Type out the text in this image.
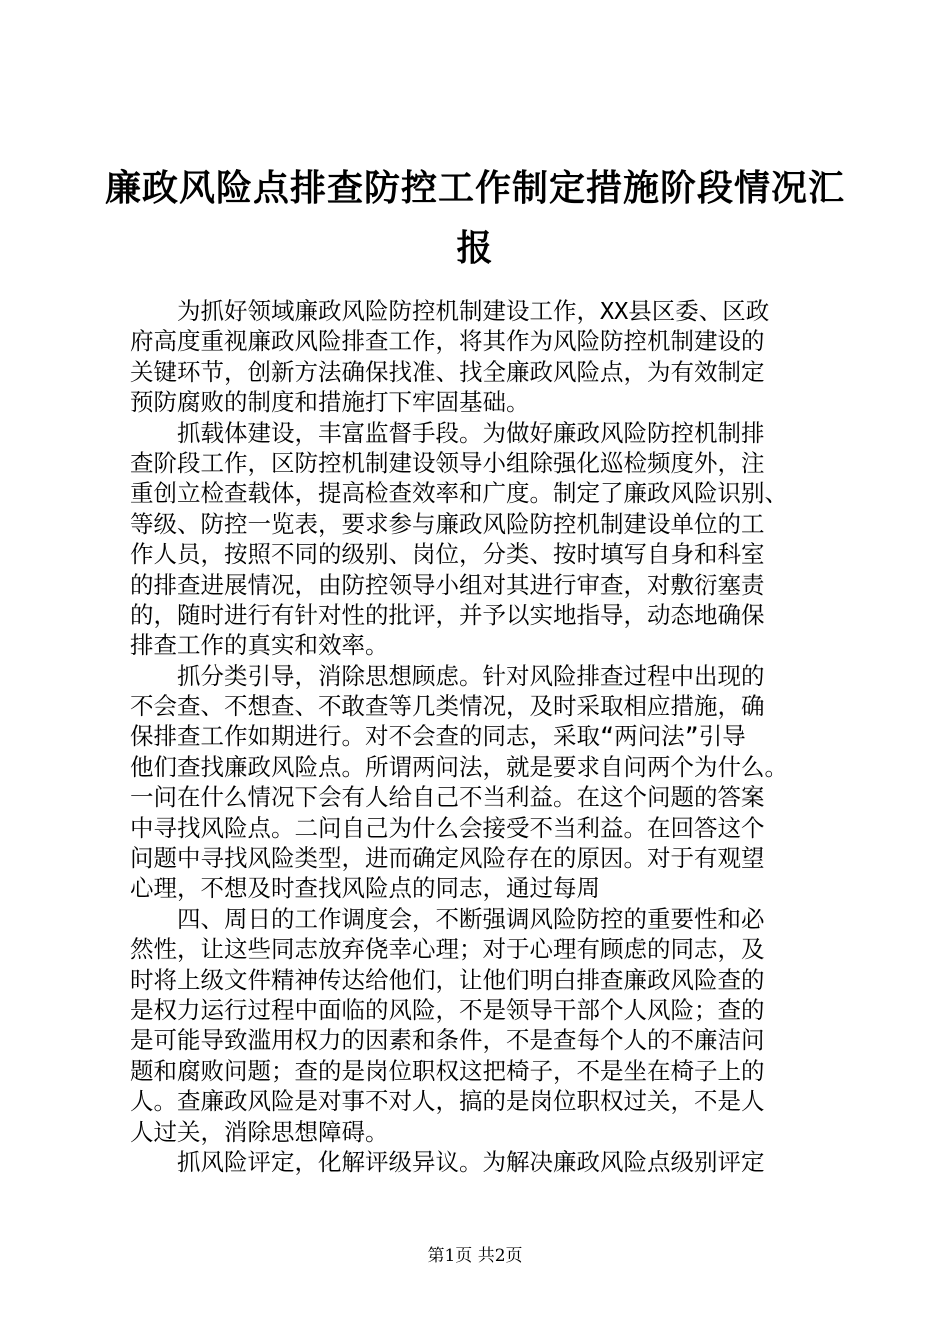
廉政风险点排查防控工作制定措施阶段情况汇
报
为抓好领域廉政风险防控机制建设工作，XX县区委、区政
府高度重视廉政风险排查工作，将其作为风险防控机制建设的
关键环节，创新方法确保找准、找全廉政风险点，为有效制定
预防腐败的制度和措施打下牢固基础。
抓载体建设，丰富监督手段。为做好廉政风险防控机制排
查阶段工作，区防控机制建设领导小组除强化巡检频度外，注
重创立检查载体，提高检查效率和广度。制定了廉政风险识别、
等级、防控一览表，要求参与廉政风险防控机制建设单位的工
作人员，按照不同的级别、岗位，分类、按时填写自身和科室
的排查进展情况，由防控领导小组对其进行审查，对敷衍塞责
的，随时进行有针对性的批评，并予以实地指导，动态地确保
排查工作的真实和效率。
抓分类引导，消除思想顾虑。针对风险排查过程中出现的
不会查、不想查、不敢查等几类情况，及时采取相应措施，确
保排查工作如期进行。对不会查的同志，采取“两问法”引导
他们查找廉政风险点。所谓两问法，就是要求自问两个为什么。
一问在什么情况下会有人给自己不当利益。在这个问题的答案
中寻找风险点。二问自己为什么会接受不当利益。在回答这个
问题中寻找风险类型，进而确定风险存在的原因。对于有观望
心理，不想及时查找风险点的同志，通过每周
四、周日的工作调度会，不断强调风险防控的重要性和必
然性，让这些同志放弃侥幸心理；对于心理有顾虑的同志，及
时将上级文件精神传达给他们，让他们明白排查廉政风险查的
是权力运行过程中面临的风险，不是领导干部个人风险；查的
是可能导致滥用权力的因素和条件，不是查每个人的不廉洁问
题和腐败问题；查的是岗位职权这把椅子，不是坐在椅子上的
人。查廉政风险是对事不对人，搞的是岗位职权过关，不是人
人过关，消除思想障碍。
抓风险评定，化解评级异议。为解决廉政风险点级别评定
第1页 共2页
